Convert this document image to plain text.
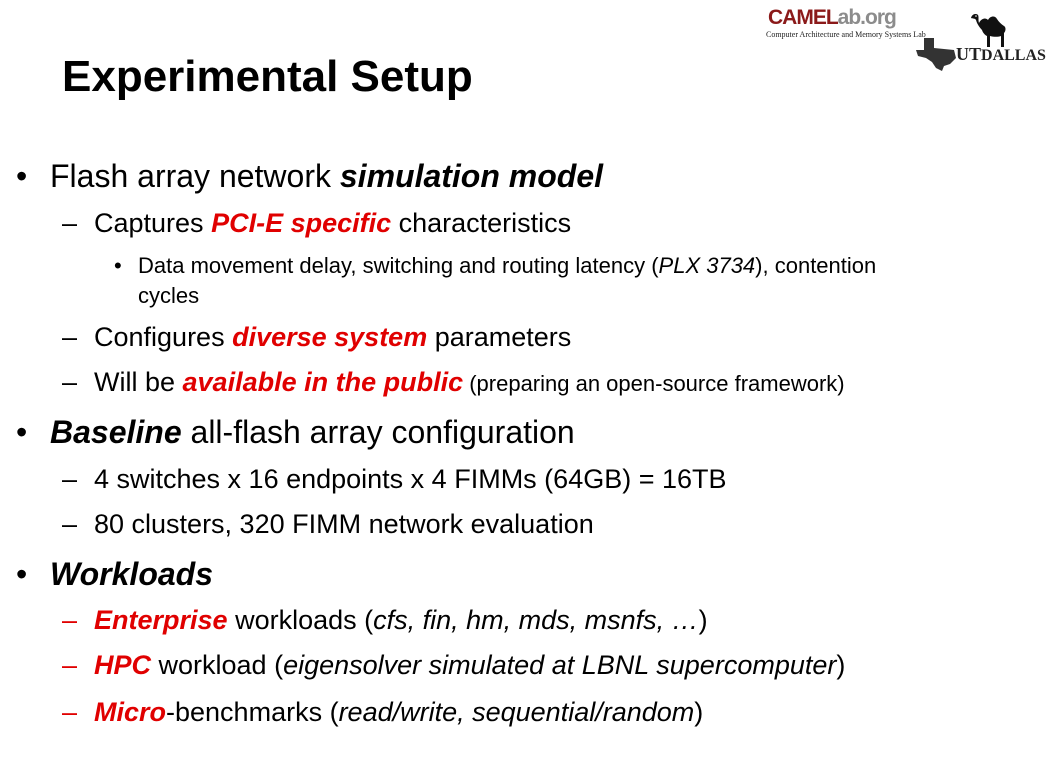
CAMELab.org
Computer Architecture and Memory Systems Lab
UTDALLAS
Experimental Setup
• Flash array network simulation model
– Captures PCI-E specific characteristics
• Data movement delay, switching and routing latency (PLX 3734), contention
cycles
– Configures diverse system parameters
– Will be available in the public (preparing an open-source framework)
• Baseline all-flash array configuration
– 4 switches x 16 endpoints x 4 FIMMs (64GB) = 16TB
– 80 clusters, 320 FIMM network evaluation
• Workloads
– Enterprise workloads (cfs, fin, hm, mds, msnfs, …)
– HPC workload (eigensolver simulated at LBNL supercomputer)
– Micro-benchmarks (read/write, sequential/random)
